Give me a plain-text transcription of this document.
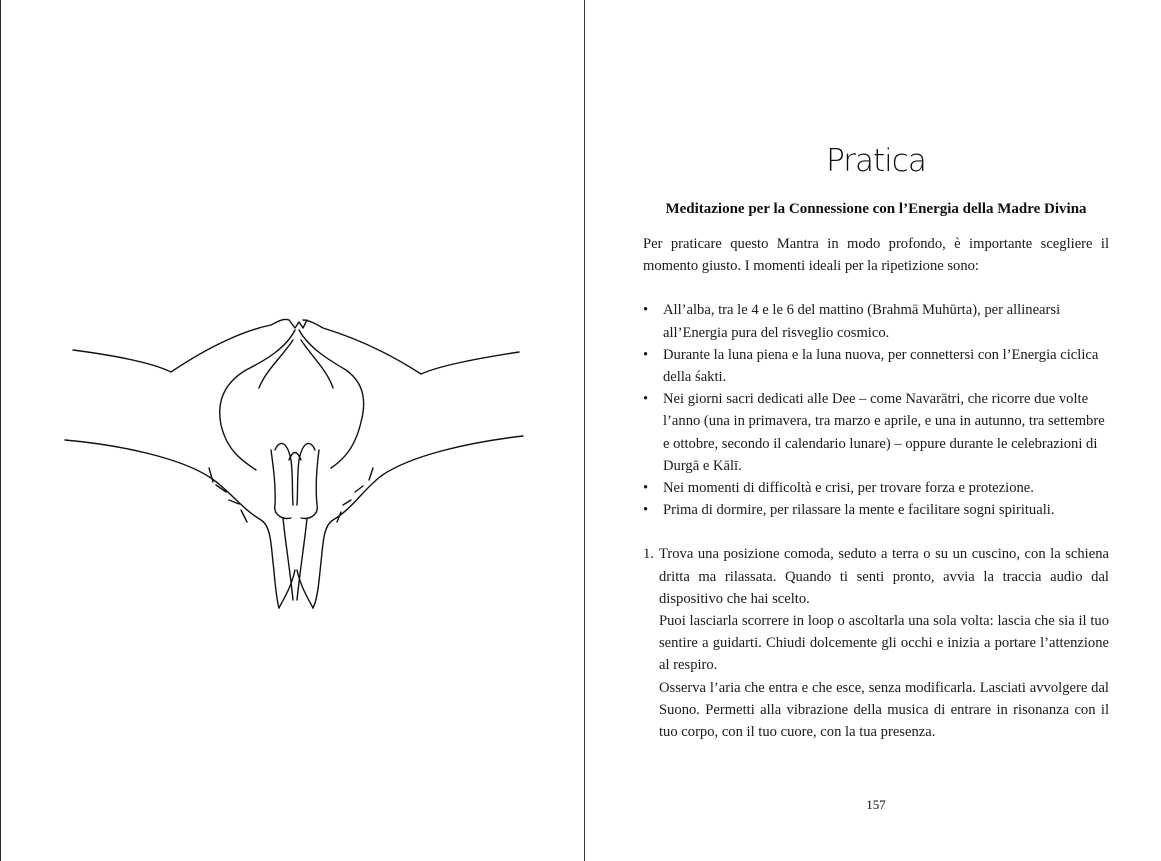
Pratica
Meditazione per la Connessione con l’Energia della Madre Divina

Per praticare questo Mantra in modo profondo, è importante scegliere il momento giusto. I momenti ideali per la ripetizione sono:

• All’alba, tra le 4 e le 6 del mattino (Brahmā Muhūrta), per allinearsi all’Energia pura del risveglio cosmico.
• Durante la luna piena e la luna nuova, per connettersi con l’Energia ciclica della śakti.
• Nei giorni sacri dedicati alle Dee – come Navarātri, che ricorre due volte l’anno (una in primavera, tra marzo e aprile, e una in autunno, tra settembre e ottobre, secondo il calendario lunare) – oppure durante le celebrazioni di Durgā e Kālī.
• Nei momenti di difficoltà e crisi, per trovare forza e protezione.
• Prima di dormire, per rilassare la mente e facilitare sogni spirituali.
1. Trova una posizione comoda, seduto a terra o su un cuscino, con la schiena dritta ma rilassata. Quando ti senti pronto, avvia la traccia audio dal dispositivo che hai scelto.

Puoi lasciarla scorrere in loop o ascoltarla una sola volta: lascia che sia il tuo sentire a guidarti. Chiudi dolcemente gli occhi e inizia a portare l’attenzione al respiro.

Osserva l’aria che entra e che esce, senza modificarla. Lasciati avvolgere dal Suono. Permetti alla vibrazione della musica di entrare in risonanza con il tuo corpo, con il tuo cuore, con la tua presenza.

157
